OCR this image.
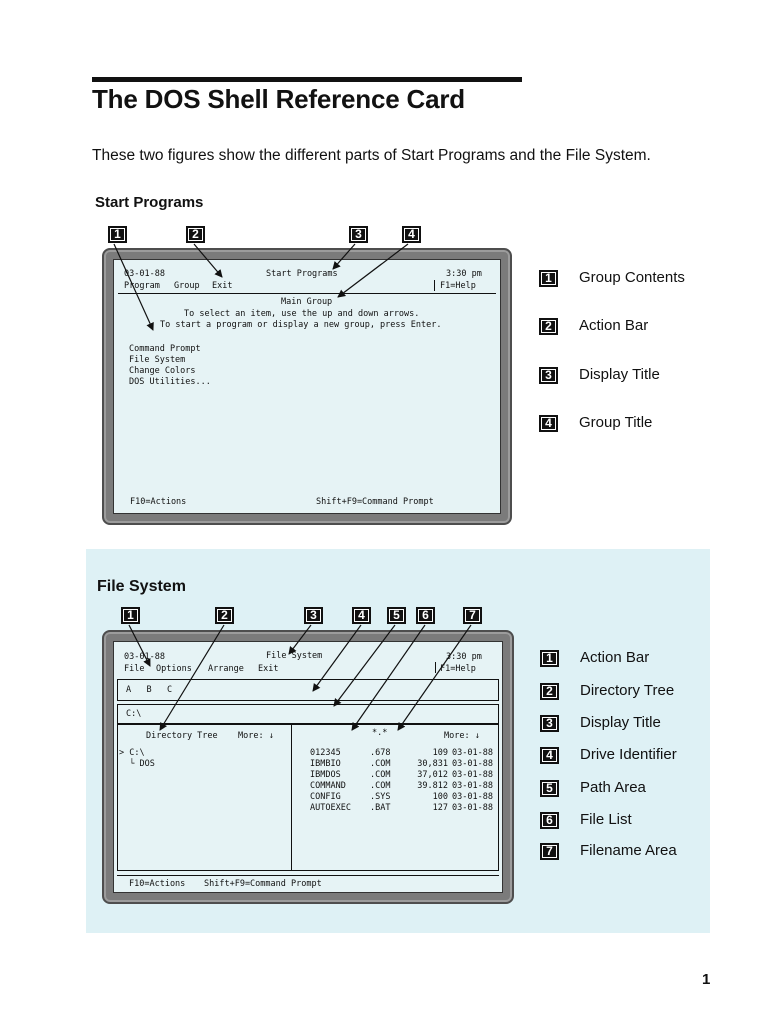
The DOS Shell Reference Card
These two figures show the different parts of Start Programs and the File System.
Start Programs
1	2	3	4
03-01-88	Start Programs	3:30 pm
Program Group Exit	F1=Help
Main Group
To select an item, use the up and down arrows.
To start a program or display a new group, press Enter.
Command Prompt
File System
Change Colors
DOS Utilities...
F10=Actions	Shift+F9=Command Prompt
1	Group Contents
2	Action Bar
3	Display Title
4	Group Title
File System
1	2	3	4	5	6	7
03-01-88	File System	3:30 pm
File Options Arrange Exit	F1=Help
A   B   C
C:\
Directory Tree More: ↓
> C:\
└ DOS
*.*	More: ↓
012345	.678	109 03-01-88
IBMBIO	.COM	30,831 03-01-88
IBMDOS	.COM	37,012 03-01-88
COMMAND	.COM	39.812 03-01-88
CONFIG	.SYS	100 03-01-88
AUTOEXEC	.BAT	127 03-01-88
F10=Actions Shift+F9=Command Prompt
1	Action Bar
2	Directory Tree
3	Display Title
4	Drive Identifier
5	Path Area
6	File List
7	Filename Area
1
